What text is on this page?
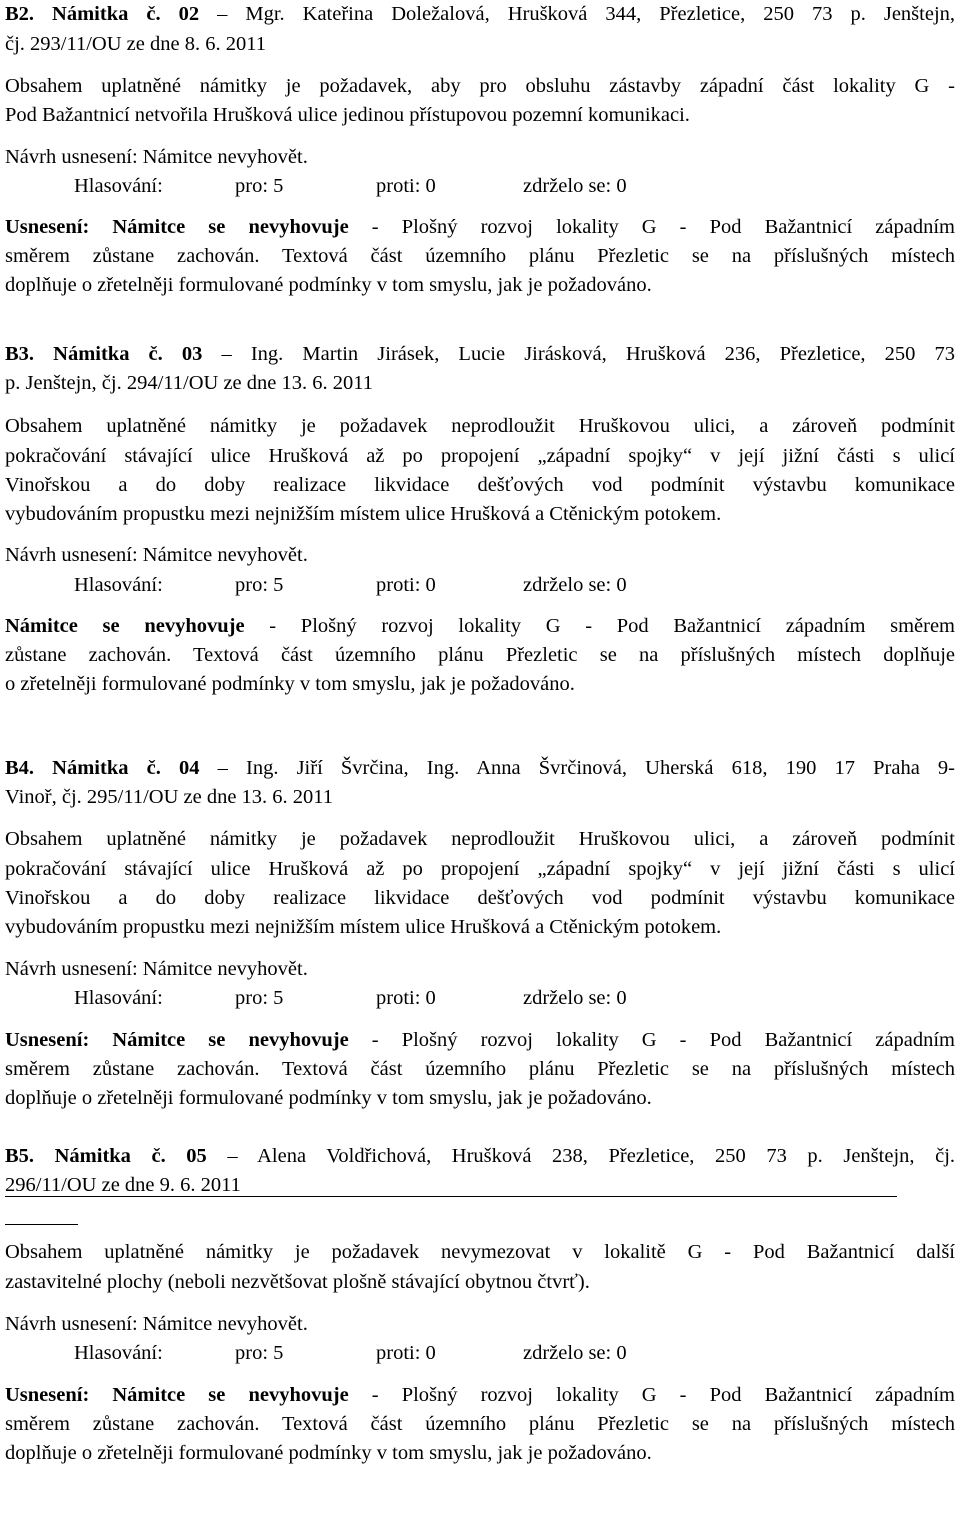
B2. Námitka č. 02 – Mgr. Kateřina Doležalová, Hrušková 344, Přezletice, 250 73 p. Jenštejn,
čj. 293/11/OU ze dne 8. 6. 2011
Obsahem uplatněné námitky je požadavek, aby pro obsluhu zástavby západní část lokality G -
Pod Bažantnicí netvořila Hrušková ulice jedinou přístupovou pozemní komunikaci.
Návrh usnesení: Námitce nevyhovět.

Hlasování:

	pro: 5

	proti: 0

	zdrželo se: 0

Usnesení: Námitce se nevyhovuje - Plošný rozvoj lokality G - Pod Bažantnicí západním
směrem zůstane zachován. Textová část územního plánu Přezletic se na příslušných místech
doplňuje o zřetelněji formulované podmínky v tom smyslu, jak je požadováno.
B3. Námitka č. 03 – Ing. Martin Jirásek, Lucie Jirásková, Hrušková 236, Přezletice, 250 73
p. Jenštejn, čj. 294/11/OU ze dne 13. 6. 2011
Obsahem uplatněné námitky je požadavek neprodloužit Hruškovou ulici, a zároveň podmínit
pokračování stávající ulice Hrušková až po propojení „západní spojky“ v její jižní části s ulicí
Vinořskou a do doby realizace likvidace dešťových vod podmínit výstavbu komunikace
vybudováním propustku mezi nejnižším místem ulice Hrušková a Ctěnickým potokem.
Návrh usnesení: Námitce nevyhovět.

Hlasování:

	pro: 5

	proti: 0

	zdrželo se: 0

Námitce se nevyhovuje - Plošný rozvoj lokality G - Pod Bažantnicí západním směrem
zůstane zachován. Textová část územního plánu Přezletic se na příslušných místech doplňuje
o zřetelněji formulované podmínky v tom smyslu, jak je požadováno.
B4. Námitka č. 04 – Ing. Jiří Švrčina, Ing. Anna Švrčinová, Uherská 618, 190 17 Praha 9-
Vinoř, čj. 295/11/OU ze dne 13. 6. 2011
Obsahem uplatněné námitky je požadavek neprodloužit Hruškovou ulici, a zároveň podmínit
pokračování stávající ulice Hrušková až po propojení „západní spojky“ v její jižní části s ulicí
Vinořskou a do doby realizace likvidace dešťových vod podmínit výstavbu komunikace
vybudováním propustku mezi nejnižším místem ulice Hrušková a Ctěnickým potokem.
Návrh usnesení: Námitce nevyhovět.

Hlasování:

	pro: 5

	proti: 0

	zdrželo se: 0

Usnesení: Námitce se nevyhovuje - Plošný rozvoj lokality G - Pod Bažantnicí západním
směrem zůstane zachován. Textová část územního plánu Přezletic se na příslušných místech
doplňuje o zřetelněji formulované podmínky v tom smyslu, jak je požadováno.
B5. Námitka č. 05 – Alena Voldřichová, Hrušková 238, Přezletice, 250 73 p. Jenštejn, čj.
296/11/OU ze dne 9. 6. 2011
Obsahem uplatněné námitky je požadavek nevymezovat v lokalitě G - Pod Bažantnicí další
zastavitelné plochy (neboli nezvětšovat plošně stávající obytnou čtvrť).
Návrh usnesení: Námitce nevyhovět.

Hlasování:

	pro: 5

	proti: 0

	zdrželo se: 0

Usnesení: Námitce se nevyhovuje - Plošný rozvoj lokality G - Pod Bažantnicí západním
směrem zůstane zachován. Textová část územního plánu Přezletic se na příslušných místech
doplňuje o zřetelněji formulované podmínky v tom smyslu, jak je požadováno.
